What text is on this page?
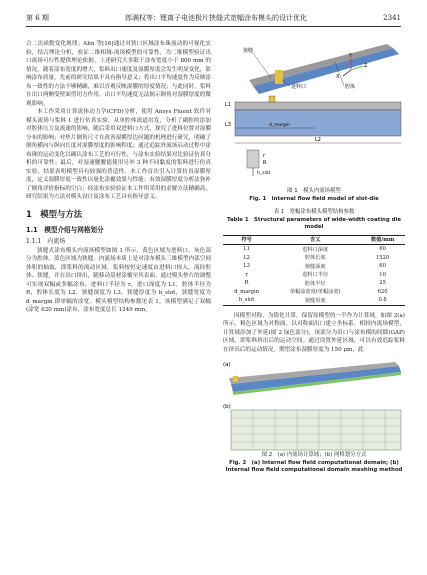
第 6 期	郎满权等：锂离子电池极片挟缝式宽幅涂布模头的设计优化	2341

合二次函数变化规律；Ahn 等[16]通过对狭口区域涂布珠流动的可视化实验，结合理论分析，验证二维相域-流场模型的可靠性，为二维模型验证出口流场可行性提供理论依据。上述研究大多限于涂布宽度小于 800 mm 的情况，随着涂布宽度的增大，浆料出口速度及湿膜厚度会发生明显变化，影响涂布质量。先前的研究结果不具有指导意义；将出口平均速度作为反映涂布一致性的方法不够精确，难以直观反映湿膜的厚度情况；与此同时，浆料在出口两侧受壁面剪切力作用，出口平均速度无法揭示倒角对湿膜厚度的微观影响。

本工作采用计算流体动力学(CFD)分析，使用 Ansys Fluent 软件对模头流场与浆料 1 进行仿真实验。从单腔体流道出发，分析了副腔的添加对腔体压力及流速的影响，随后采用双进料口方式，探究了进料位置对湿膜分布的影响；对垫片倒角尺寸在改善湿膜厚边问题的机理进行研究，明确了倒角横向与纵向长度对湿膜厚度的影响程度；通过追踪外流场启动过程中涂布珠的运动变化以确认涂布工艺的可行性，与涂布实验结果对比验证仿真分析的可靠性；最后，对湿速腰腰德使用另外 3 种不同黏度的浆料进行仿真实验，结果表明模型具有较强的普适性。本工作首次引入计算仿真湿膜厚度，定义湿膜厚度一致性以量化涂覆效果与性能；有效湿膜厚度分析法弥补了倒角评价指标的空白；经涂布实验验证本工作所采用的求解方法精确高，研究结果为方法对模头设计及涂布工艺具有指导意义。

1　模型与方法
1.1　模型介绍与网格划分
1.1.1　内流场

狭缝式涂布模头内流场模型如图 1 所示，黄色区域为进料口，灰色部分为腔体，蓝色区域为狭缝。内流场本质上是对涂布模头三维模型内部空间体积的抽取，即浆料的流动区域。浆料按恒定速度由进料口掠入，流经腔体、狭缝，并在出口挤出，随移动基材涂覆至其表面。通过模头垫片的调整可实现双幅或多幅涂布，进料口半径为 r，进口深度为 L1，腔体半径为 R，腔体长度为 L2，狭缝深度为 L3，狭缝厚度为 h_slot，狭缝宽度为 d_margin 即单幅的涂宽。模头模型结构参数见表 1，该模型满足了双幅(涂宽 620 mm)涂布，涂布宽度总长 1240 mm。

Y
Z
X
狭缝
进料口	腔体
L2
d_margin
L1
L3
r
R
h_slot

图 1　模头内流场模型

Fig. 1　Internal flow field model of slot-die

表 1　宽幅涂布模头模型结构参数

Table 1　Structural parameters of wide-width coating die model

符号	含义	数值/mm
L1	进料口深度	60
L2	腔体长度	1520
L3	狭缝深度	60
r	进料口半径	10
R	腔体半径	25
d_margin	单幅涂宽度(单幅涂宽)	620
h_slot	狭缝厚度	0.8

因模型对称，为简化计算，保留原模型的一半作为计算域，如图 2(a)所示，粗色区域为对称面，以对称面出口建立坐标系。相较内流场模型，计算域添加了外延(图 2 绿色部分)，该部分为出口与涂布模的间隙(GAP)区域，即浆料挤出后的运动空间。通过设置外延区域，可以有效追踪浆料在挤出后的运动情况，期望涂布湿膜厚度为 150 μm，此

(a)
(b)

图 2　(a) 内流场计算域；(b) 网格划分方式

Fig. 2　(a) Internal flow field computational domain; (b) Internal flow field computational domain meshing method
